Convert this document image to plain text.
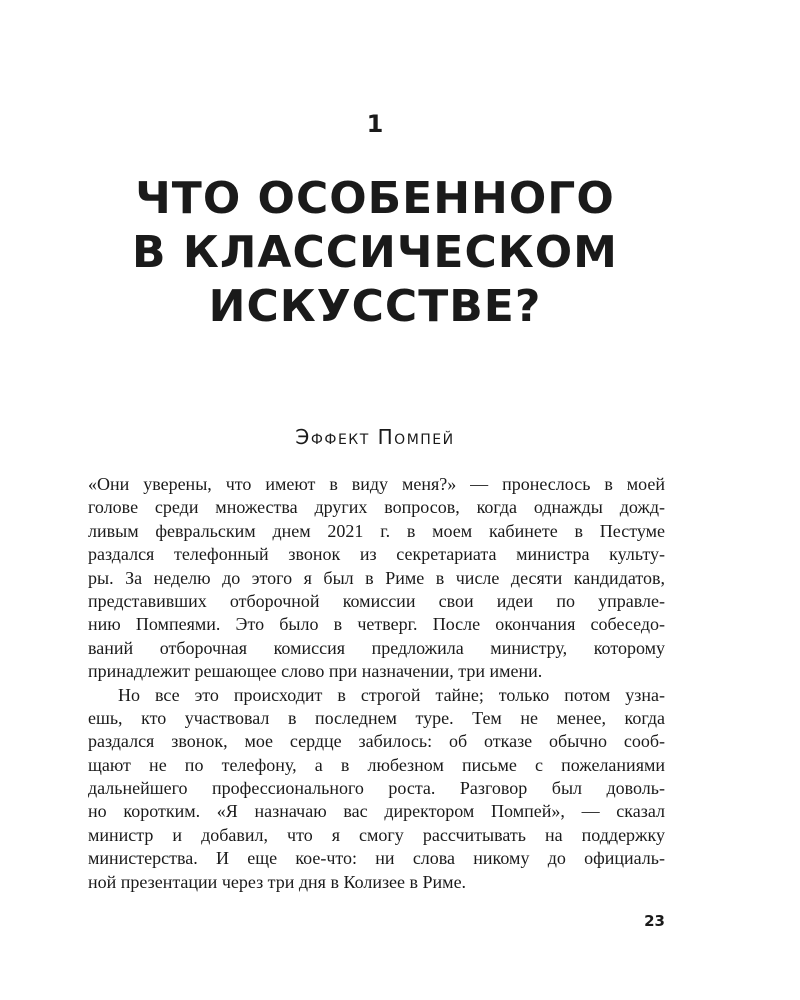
1
ЧТО ОСОБЕННОГО
В КЛАССИЧЕСКОМ
ИСКУССТВЕ?
Эффект Помпей

«Они уверены, что имеют в виду меня?» — пронеслось в моей
голове среди множества других вопросов, когда однажды дожд-
ливым февральским днем 2021 г. в моем кабинете в Пестуме
раздался телефонный звонок из секретариата министра культу-
ры. За неделю до этого я был в Риме в числе десяти кандидатов,
представивших отборочной комиссии свои идеи по управле-
нию Помпеями. Это было в четверг. После окончания собеседо-
ваний отборочная комиссия предложила министру, которому
принадлежит решающее слово при назначении, три имени.

Но все это происходит в строгой тайне; только потом узна-
ешь, кто участвовал в последнем туре. Тем не менее, когда
раздался звонок, мое сердце забилось: об отказе обычно сооб-
щают не по телефону, а в любезном письме с пожеланиями
дальнейшего профессионального роста. Разговор был доволь-
но коротким. «Я назначаю вас директором Помпей», — сказал
министр и добавил, что я смогу рассчитывать на поддержку
министерства. И еще кое-что: ни слова никому до официаль-
ной презентации через три дня в Колизее в Риме.

23
